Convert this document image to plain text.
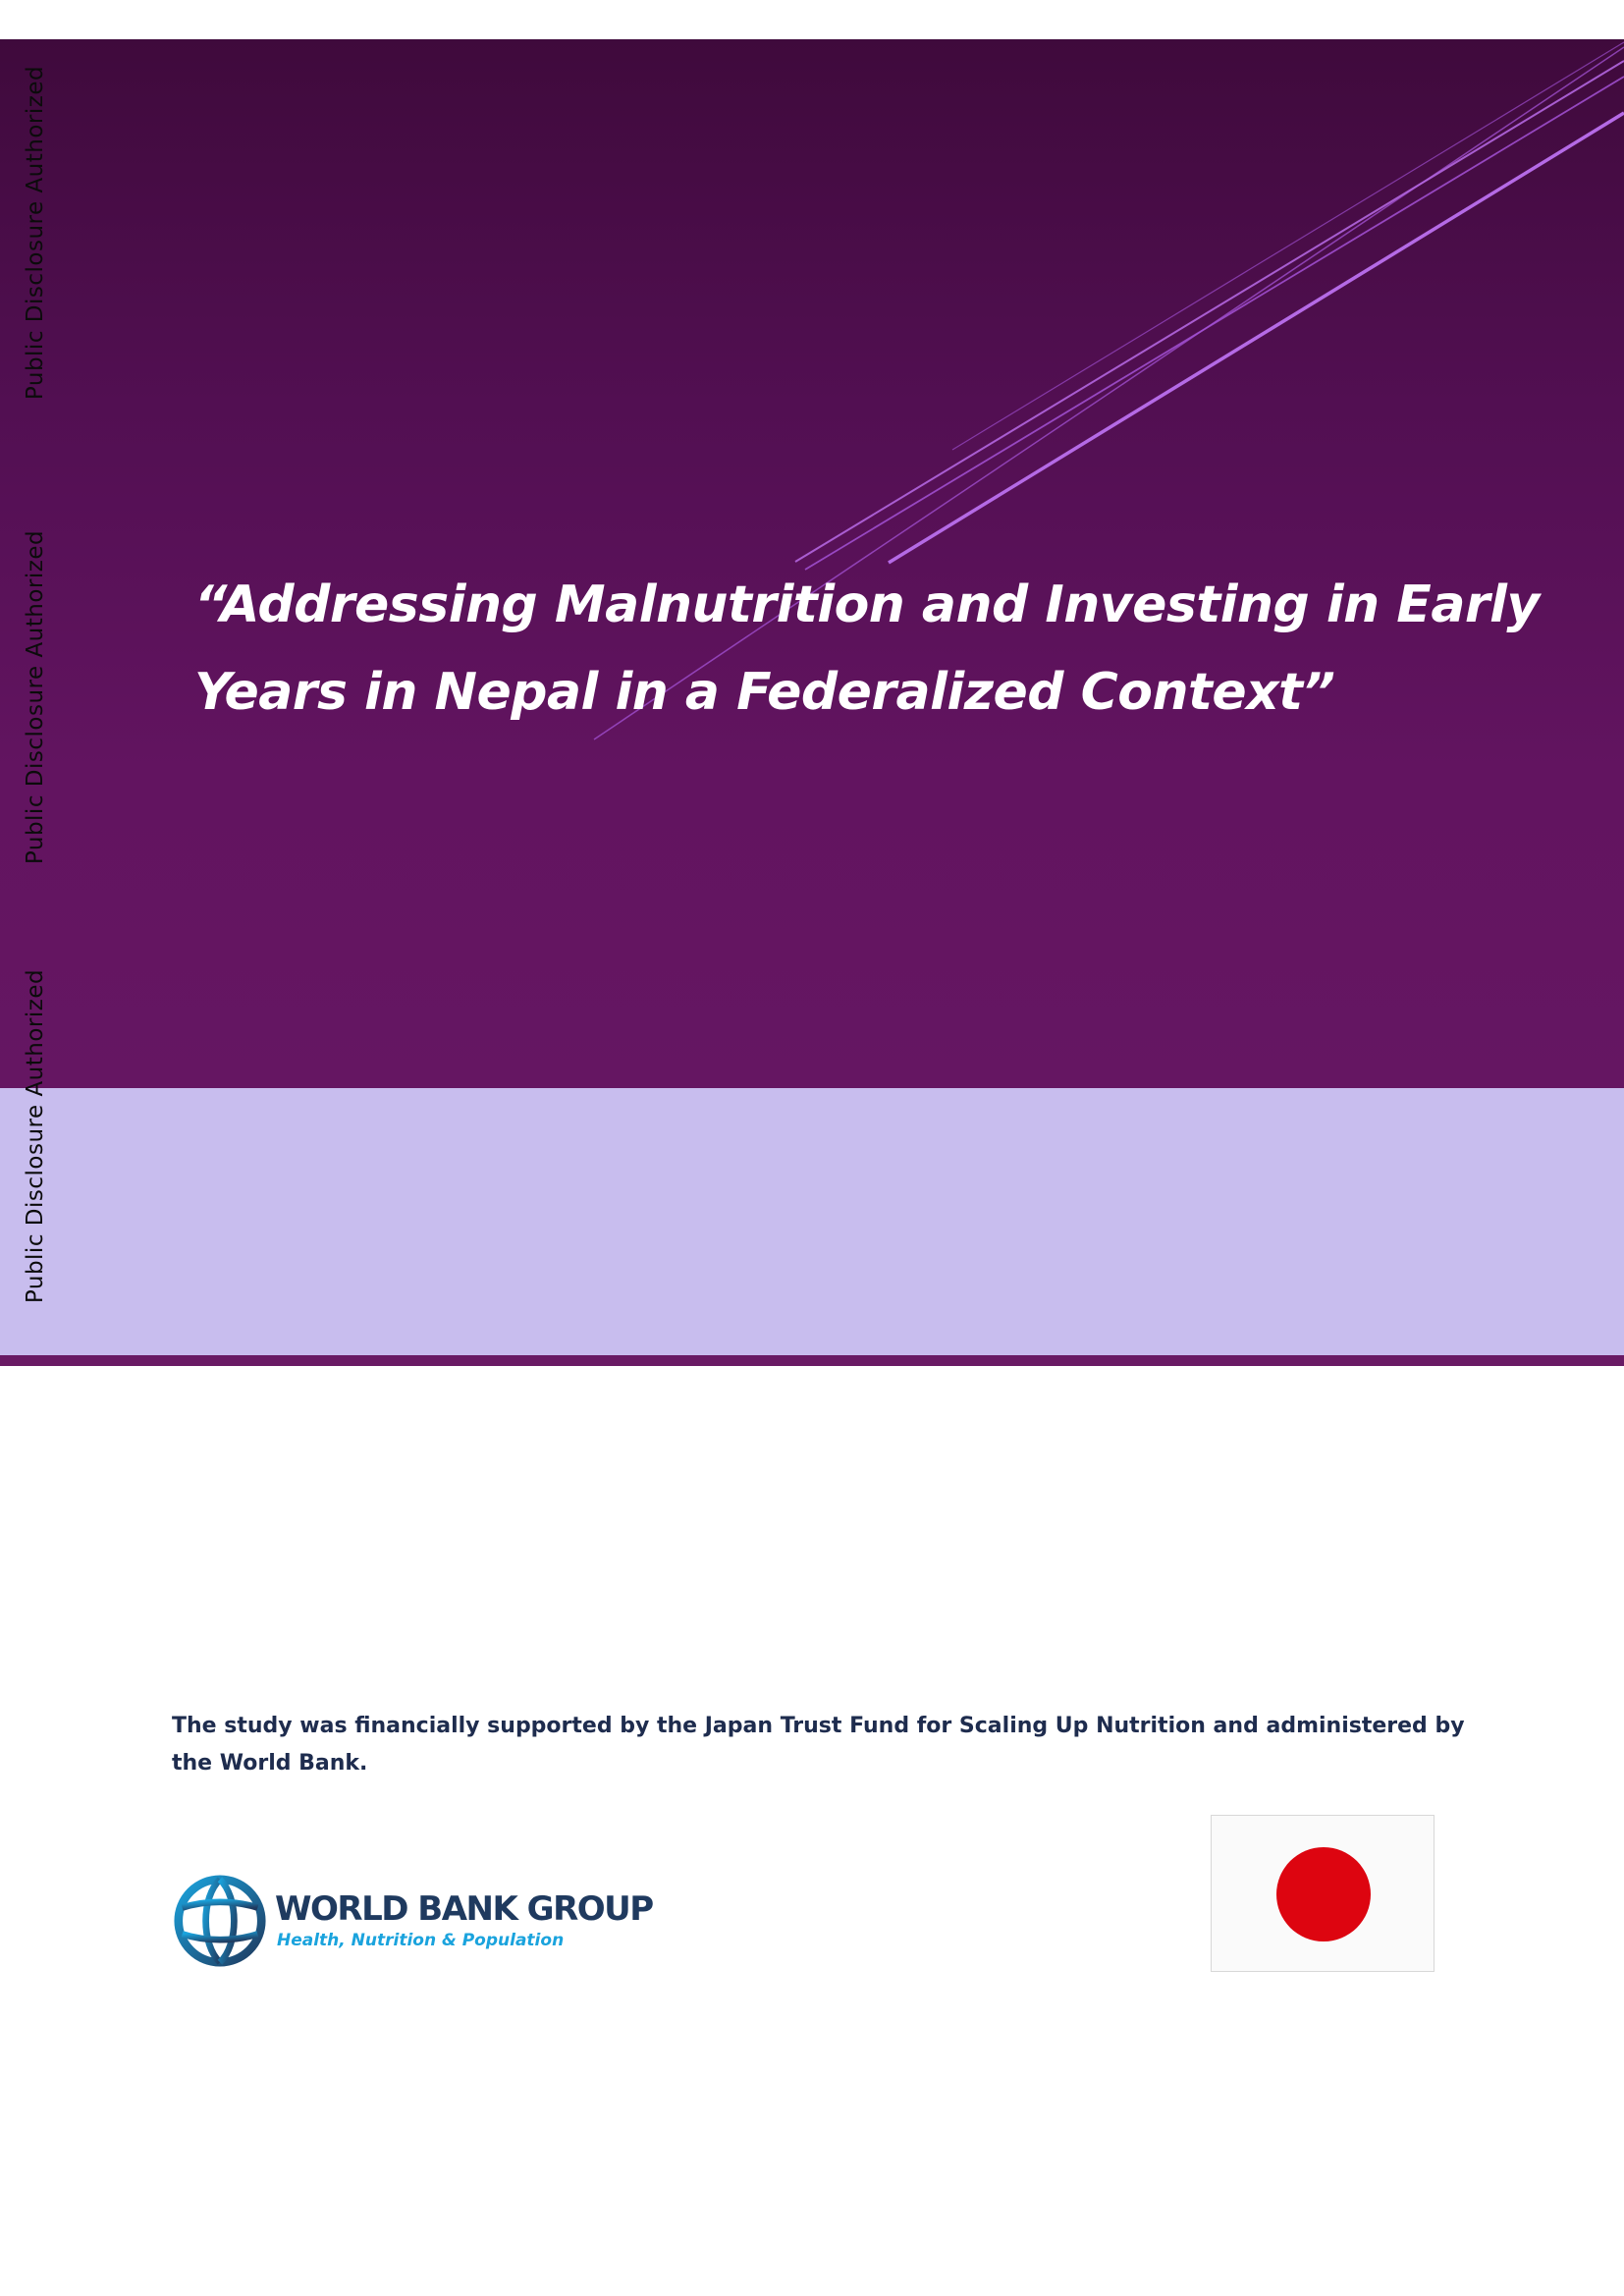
Public Disclosure Authorized
Public Disclosure Authorized
Public Disclosure Authorized
“Addressing Malnutrition and Investing in Early Years in Nepal in a Federalized Context”

The study was financially supported by the Japan Trust Fund for Scaling Up Nutrition and administered by the World Bank.

WORLD BANK GROUP
Health, Nutrition & Population
